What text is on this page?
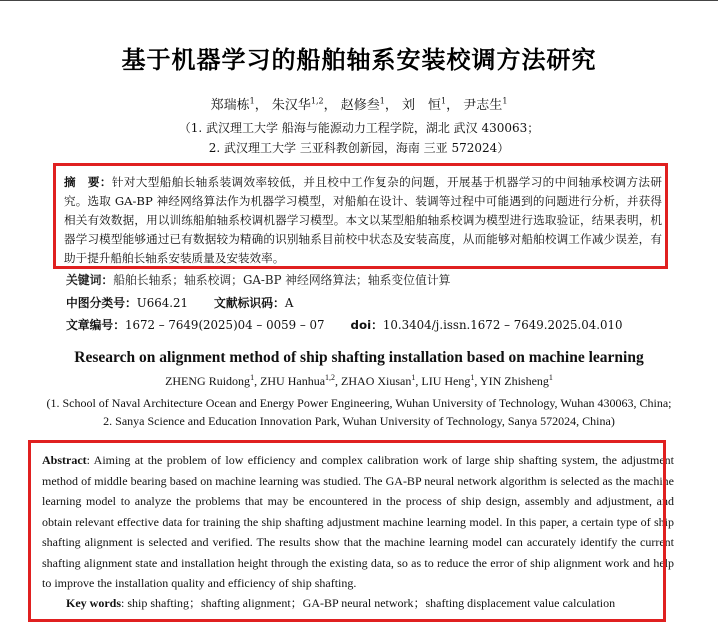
基于机器学习的船舶轴系安装校调方法研究
郑瑞栋$^1$， 朱汉华$^{1,2}$， 赵修叁$^1$， 刘　恒$^1$， 尹志生$^1$
（1. 武汉理工大学 船海与能源动力工程学院，湖北 武汉 430063；
2. 武汉理工大学 三亚科教创新园，海南 三亚 572024）
摘　要：针对大型船舶长轴系装调效率较低，并且校中工作复杂的问题，开展基于机器学习的中间轴承校调方法研究。选取 GA-BP 神经网络算法作为机器学习模型，对船舶在设计、装调等过程中可能遇到的问题进行分析，并获得相关有效数据，用以训练船舶轴系校调机器学习模型。本文以某型船舶轴系校调为模型进行选取验证，结果表明，机器学习模型能够通过已有数据较为精确的识别轴系目前校中状态及安装高度，从而能够对船舶校调工作减少误差，有助于提升船舶长轴系安装质量及安装效率。
关键词：船舶长轴系；轴系校调；GA-BP 神经网络算法；轴系变位值计算
中图分类号：U664.21 文献标识码：A
文章编号：1672 – 7649(2025)04 – 0059 – 07 doi：10.3404/j.issn.1672 – 7649.2025.04.010
Research on alignment method of ship shafting installation based on machine learning
ZHENG Ruidong$^1$, ZHU Hanhua$^{1,2}$, ZHAO Xiusan$^1$, LIU Heng$^1$, YIN Zhisheng$^1$
(1. School of Naval Architecture Ocean and Energy Power Engineering, Wuhan University of Technology, Wuhan 430063, China;
2. Sanya Science and Education Innovation Park, Wuhan University of Technology, Sanya 572024, China)
Abstract: Aiming at the problem of low efficiency and complex calibration work of large ship shafting system, the adjustment method of middle bearing based on machine learning was studied. The GA-BP neural network algorithm is selected as the machine learning model to analyze the problems that may be encountered in the process of ship design, assembly and adjustment, and obtain relevant effective data for training the ship shafting adjustment machine learning model. In this paper, a certain type of ship shafting alignment is selected and verified. The results show that the machine learning model can accurately identify the current shafting alignment state and installation height through the existing data, so as to reduce the error of ship alignment work and help to improve the installation quality and efficiency of ship shafting.
Key words: ship shafting；shafting alignment；GA-BP neural network；shafting displacement value calculation
